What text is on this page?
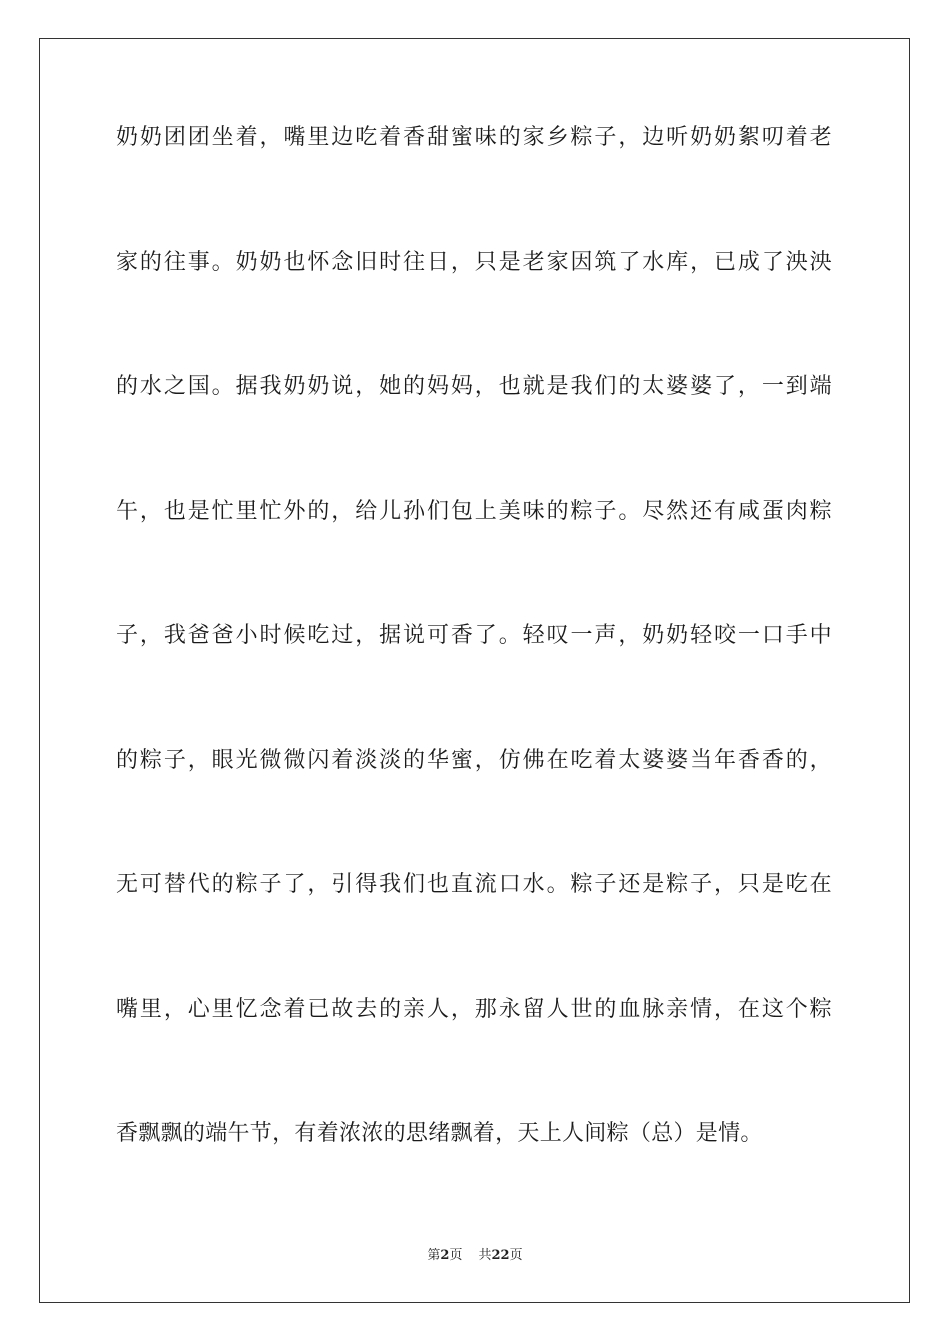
奶奶团团坐着，嘴里边吃着香甜蜜味的家乡粽子，边听奶奶絮叨着老
家的往事。奶奶也怀念旧时往日，只是老家因筑了水库，已成了泱泱
的水之国。据我奶奶说，她的妈妈，也就是我们的太婆婆了，一到端
午，也是忙里忙外的，给儿孙们包上美味的粽子。尽然还有咸蛋肉粽
子，我爸爸小时候吃过，据说可香了。轻叹一声，奶奶轻咬一口手中
的粽子，眼光微微闪着淡淡的华蜜，仿佛在吃着太婆婆当年香香的，
无可替代的粽子了，引得我们也直流口水。粽子还是粽子，只是吃在
嘴里，心里忆念着已故去的亲人，那永留人世的血脉亲情，在这个粽
香飘飘的端午节，有着浓浓的思绪飘着，天上人间粽（总）是情。
第2页 共22页
